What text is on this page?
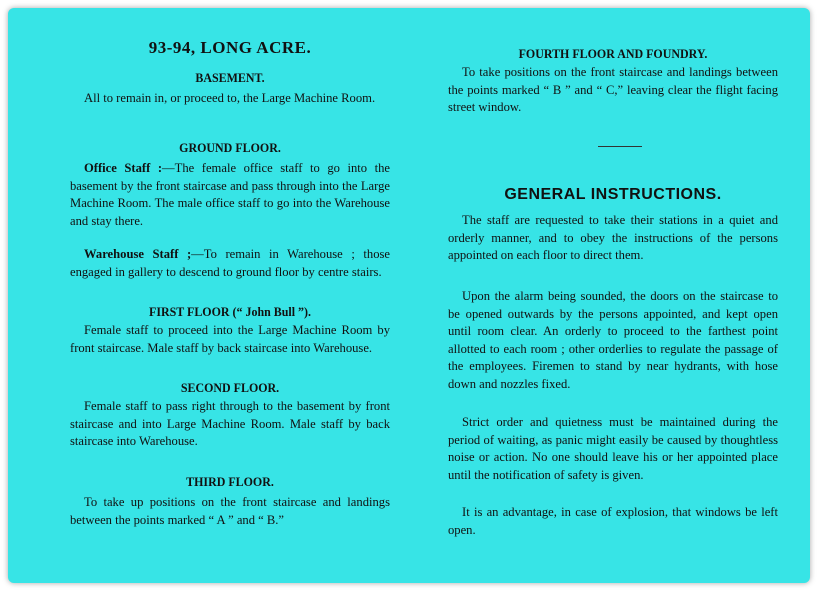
93-94, LONG ACRE.
BASEMENT.
All to remain in, or proceed to, the Large Machine Room.
GROUND FLOOR.
Office Staff :—The female office staff to go into the basement by the front staircase and pass through into the Large Machine Room. The male office staff to go into the Warehouse and stay there.
Warehouse Staff ;—To remain in Warehouse ; those engaged in gallery to descend to ground floor by centre stairs.
FIRST FLOOR (“ John Bull ”).
Female staff to proceed into the Large Machine Room by front staircase. Male staff by back staircase into Warehouse.
SECOND FLOOR.
Female staff to pass right through to the basement by front staircase and into Large Machine Room. Male staff by back staircase into Warehouse.
THIRD FLOOR.
To take up positions on the front staircase and landings between the points marked “ A ” and “ B.”
FOURTH FLOOR AND FOUNDRY.
To take positions on the front staircase and landings between the points marked “ B ” and “ C,” leaving clear the flight facing street window.
GENERAL INSTRUCTIONS.
The staff are requested to take their stations in a quiet and orderly manner, and to obey the instructions of the persons appointed on each floor to direct them.
Upon the alarm being sounded, the doors on the staircase to be opened outwards by the persons appointed, and kept open until room clear. An orderly to proceed to the farthest point allotted to each room ; other orderlies to regulate the passage of the employees. Firemen to stand by near hydrants, with hose down and nozzles fixed.
Strict order and quietness must be maintained during the period of waiting, as panic might easily be caused by thoughtless noise or action. No one should leave his or her appointed place until the notification of safety is given.
It is an advantage, in case of explosion, that windows be left open.
